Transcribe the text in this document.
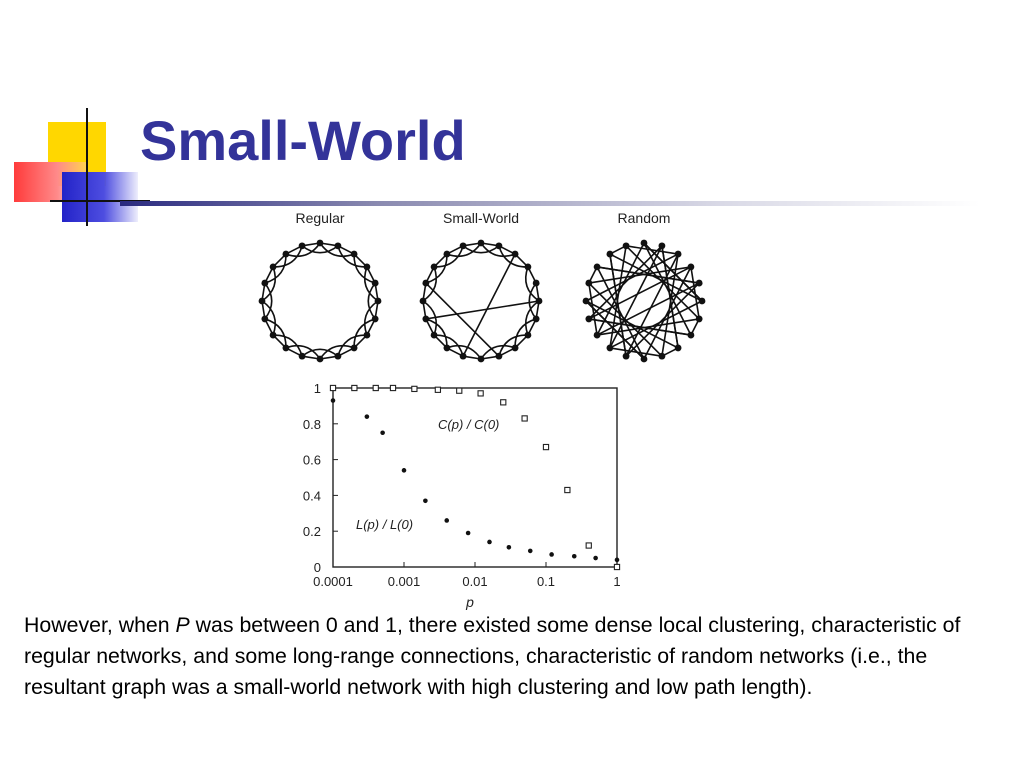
Small-World
Regular	Small-World	Random
0
0.2
0.4
0.6
0.8
1
0.0001	0.001	0.01	0.1	1
C(p) / C(0)
L(p) / L(0)
p

However, when P was between 0 and 1, there existed some dense local clustering, characteristic of regular networks, and some long-range connections, characteristic of random networks (i.e., the resultant graph was a small-world network with high clustering and low path length).
